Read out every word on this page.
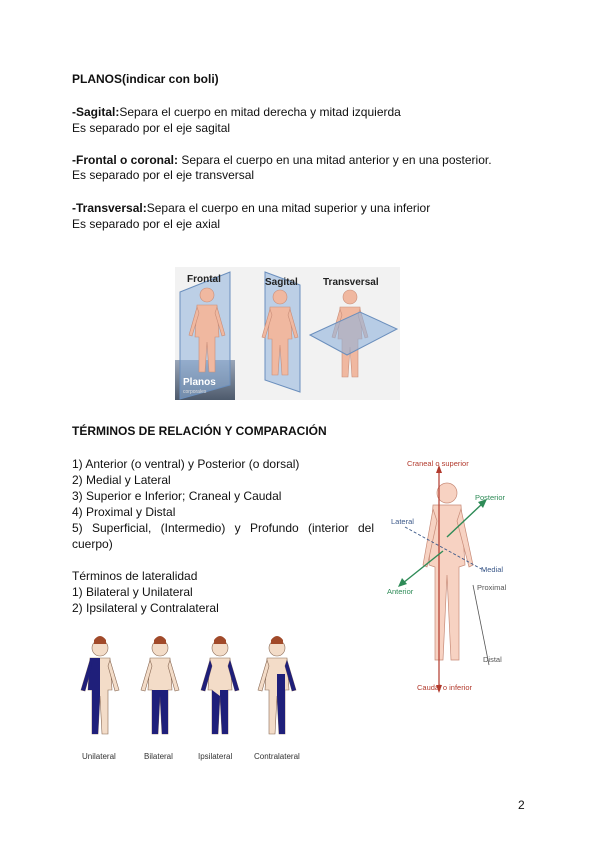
PLANOS(indicar con boli)
-Sagital:Separa el cuerpo en mitad derecha y mitad izquierda
Es separado por el eje sagital
-Frontal o coronal: Separa el cuerpo en una mitad anterior y en una posterior.
Es separado por el eje transversal
-Transversal:Separa el cuerpo en una mitad superior y una inferior
Es separado por el eje axial
Frontal	Sagital	Transversal
Planos
corporales
TÉRMINOS DE RELACIÓN Y COMPARACIÓN
1) Anterior (o ventral) y Posterior (o dorsal)
2) Medial y Lateral
3) Superior e Inferior; Craneal y Caudal
4) Proximal y Distal
5) Superficial, (Intermedio) y Profundo (interior del
cuerpo)
Términos de lateralidad
1) Bilateral y Unilateral
2) Ipsilateral y Contralateral
Unilateral	Bilateral	Ipsilateral	Contralateral
Craneal o superior
Posterior
Lateral
Medial
Anterior	Proximal
Distal
Caudal o inferior
2
